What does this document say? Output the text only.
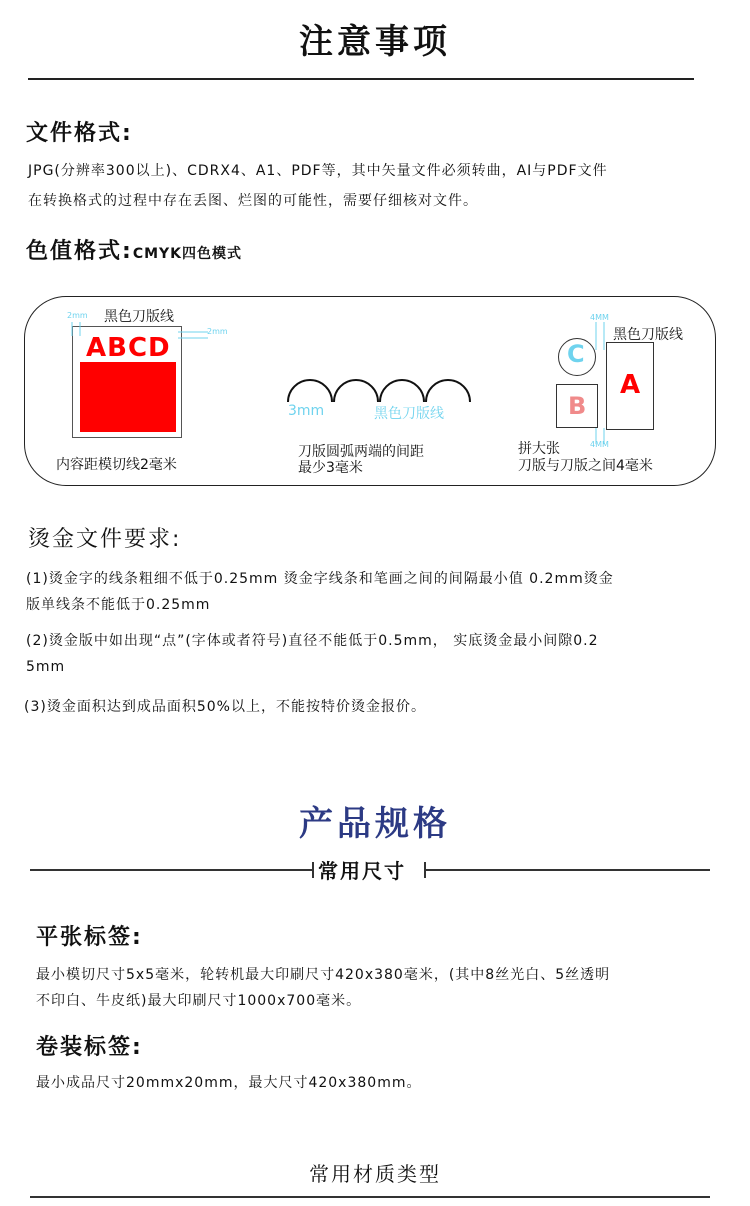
注意事项
文件格式:
JPG(分辨率300以上)、CDRX4、A1、PDF等，其中矢量文件必须转曲，AI与PDF文件
在转换格式的过程中存在丢图、烂图的可能性，需要仔细核对文件。
色值格式:CMYK四色模式
ABCD
黑色刀版线
2mm
2mm
内容距模切线2毫米
3mm	黑色刀版线
刀版圆弧两端的间距
最少3毫米
C
B
A
黑色刀版线
4MM
4MM
拼大张
刀版与刀版之间4毫米
烫金文件要求:
(1)烫金字的线条粗细不低于0.25mm 烫金字线条和笔画之间的间隔最小值 0.2mm烫金
版单线条不能低于0.25mm
(2)烫金版中如出现“点”(字体或者符号)直径不能低于0.5mm， 实底烫金最小间隙0.2
5mm
(3)烫金面积达到成品面积50%以上，不能按特价烫金报价。
产品规格
常用尺寸
平张标签:
最小模切尺寸5x5毫米，轮转机最大印刷尺寸420x380毫米，(其中8丝光白、5丝透明
不印白、牛皮纸)最大印刷尺寸1000x700毫米。
卷装标签:
最小成品尺寸20mmx20mm，最大尺寸420x380mm。
常用材质类型
